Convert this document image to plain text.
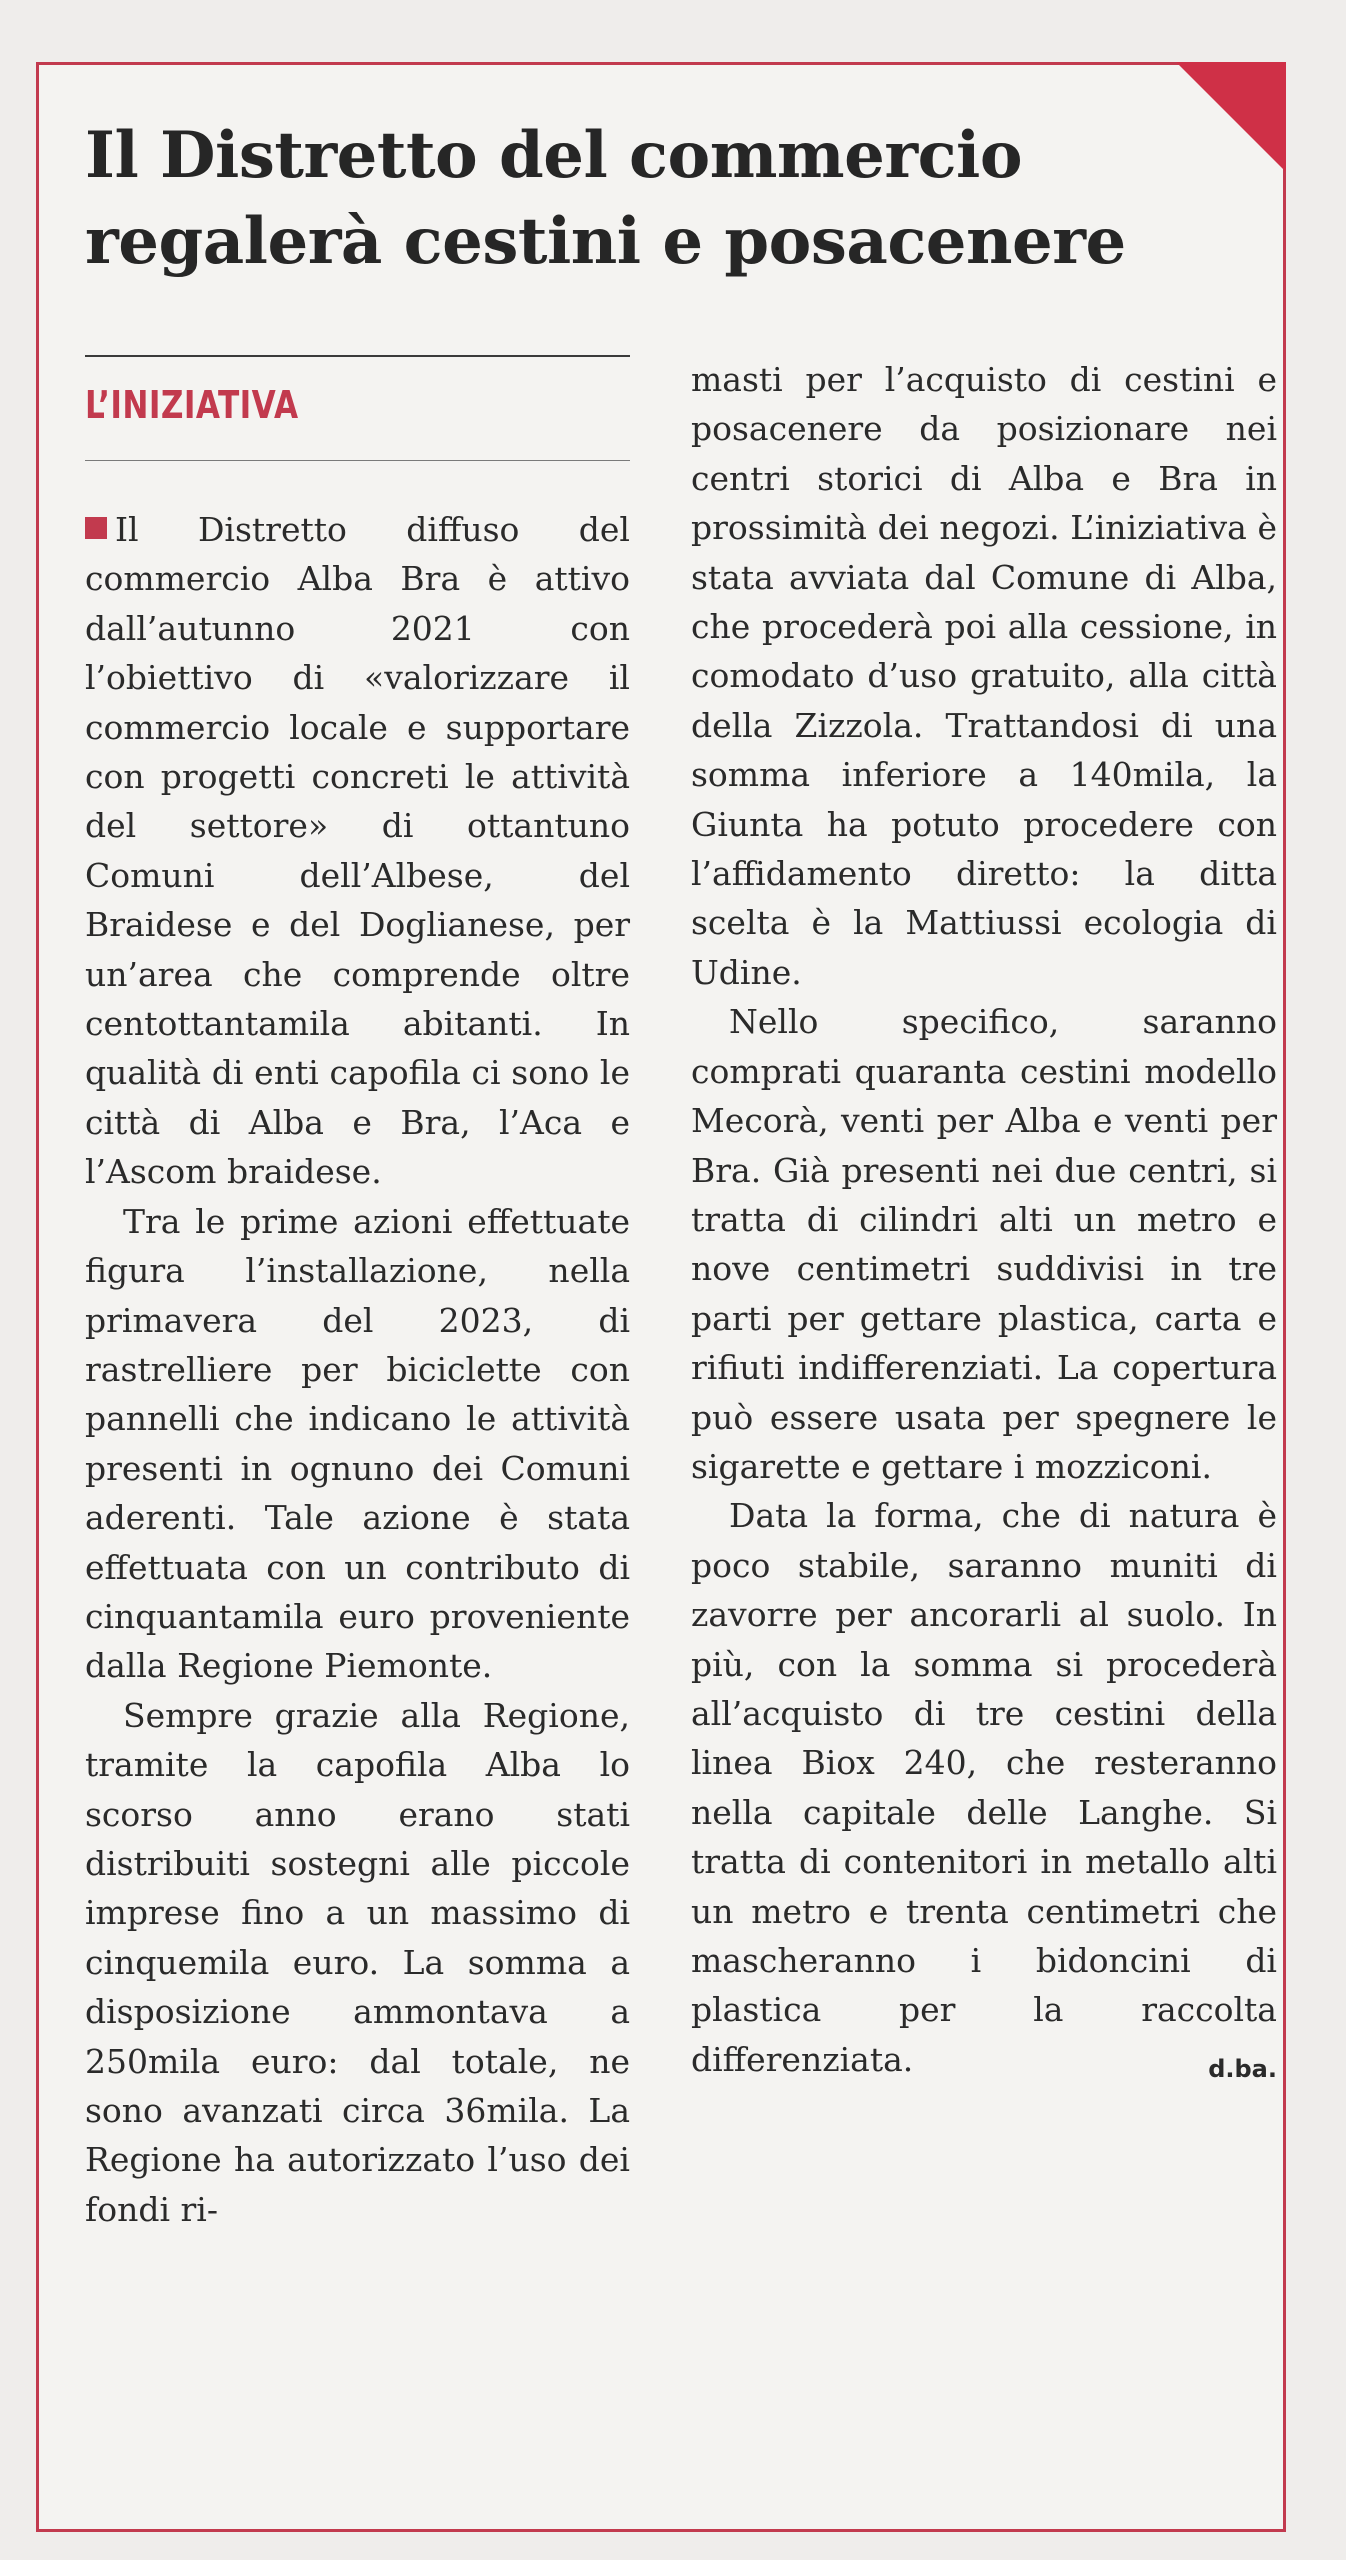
Il Distretto del commercio regalerà cestini e posacenere
L’INIZIATIVA

Il Distretto diffuso del commercio Alba Bra è attivo dall’autunno 2021 con l’obiettivo di «valorizzare il commercio locale e supportare con progetti concreti le attività del settore» di ottantuno Comuni dell’Albese, del Braidese e del Doglianese, per un’area che comprende oltre centottantamila abitanti. In qualità di enti capofila ci sono le città di Alba e Bra, l’Aca e l’Ascom braidese.

Tra le prime azioni effettuate figura l’installazione, nella primavera del 2023, di rastrelliere per biciclette con pannelli che indicano le attività presenti in ognuno dei Comuni aderenti. Tale azione è stata effettuata con un contributo di cinquantamila euro proveniente dalla Regione Piemonte.

Sempre grazie alla Regione, tramite la capofila Alba lo scorso anno erano stati distribuiti sostegni alle piccole imprese fino a un massimo di cinquemila euro. La somma a disposizione ammontava a 250mila euro: dal totale, ne sono avanzati circa 36mila. La Regione ha autorizzato l’uso dei fondi ri-

masti per l’acquisto di cestini e posacenere da posizionare nei centri storici di Alba e Bra in prossimità dei negozi. L’iniziativa è stata avviata dal Comune di Alba, che procederà poi alla cessione, in comodato d’uso gratuito, alla città della Zizzola. Trattandosi di una somma inferiore a 140mila, la Giunta ha potuto procedere con l’affidamento diretto: la ditta scelta è la Mattiussi ecologia di Udine.

Nello specifico, saranno comprati quaranta cestini modello Mecorà, venti per Alba e venti per Bra. Già presenti nei due centri, si tratta di cilindri alti un metro e nove centimetri suddivisi in tre parti per gettare plastica, carta e rifiuti indifferenziati. La copertura può essere usata per spegnere le sigarette e gettare i mozziconi.

Data la forma, che di natura è poco stabile, saranno muniti di zavorre per ancorarli al suolo. In più, con la somma si procederà all’acquisto di tre cestini della linea Biox 240, che resteranno nella capitale delle Langhe. Si tratta di contenitori in metallo alti un metro e trenta centimetri che mascheranno i bidoncini di plastica per la raccolta differenziata.	d.ba.
